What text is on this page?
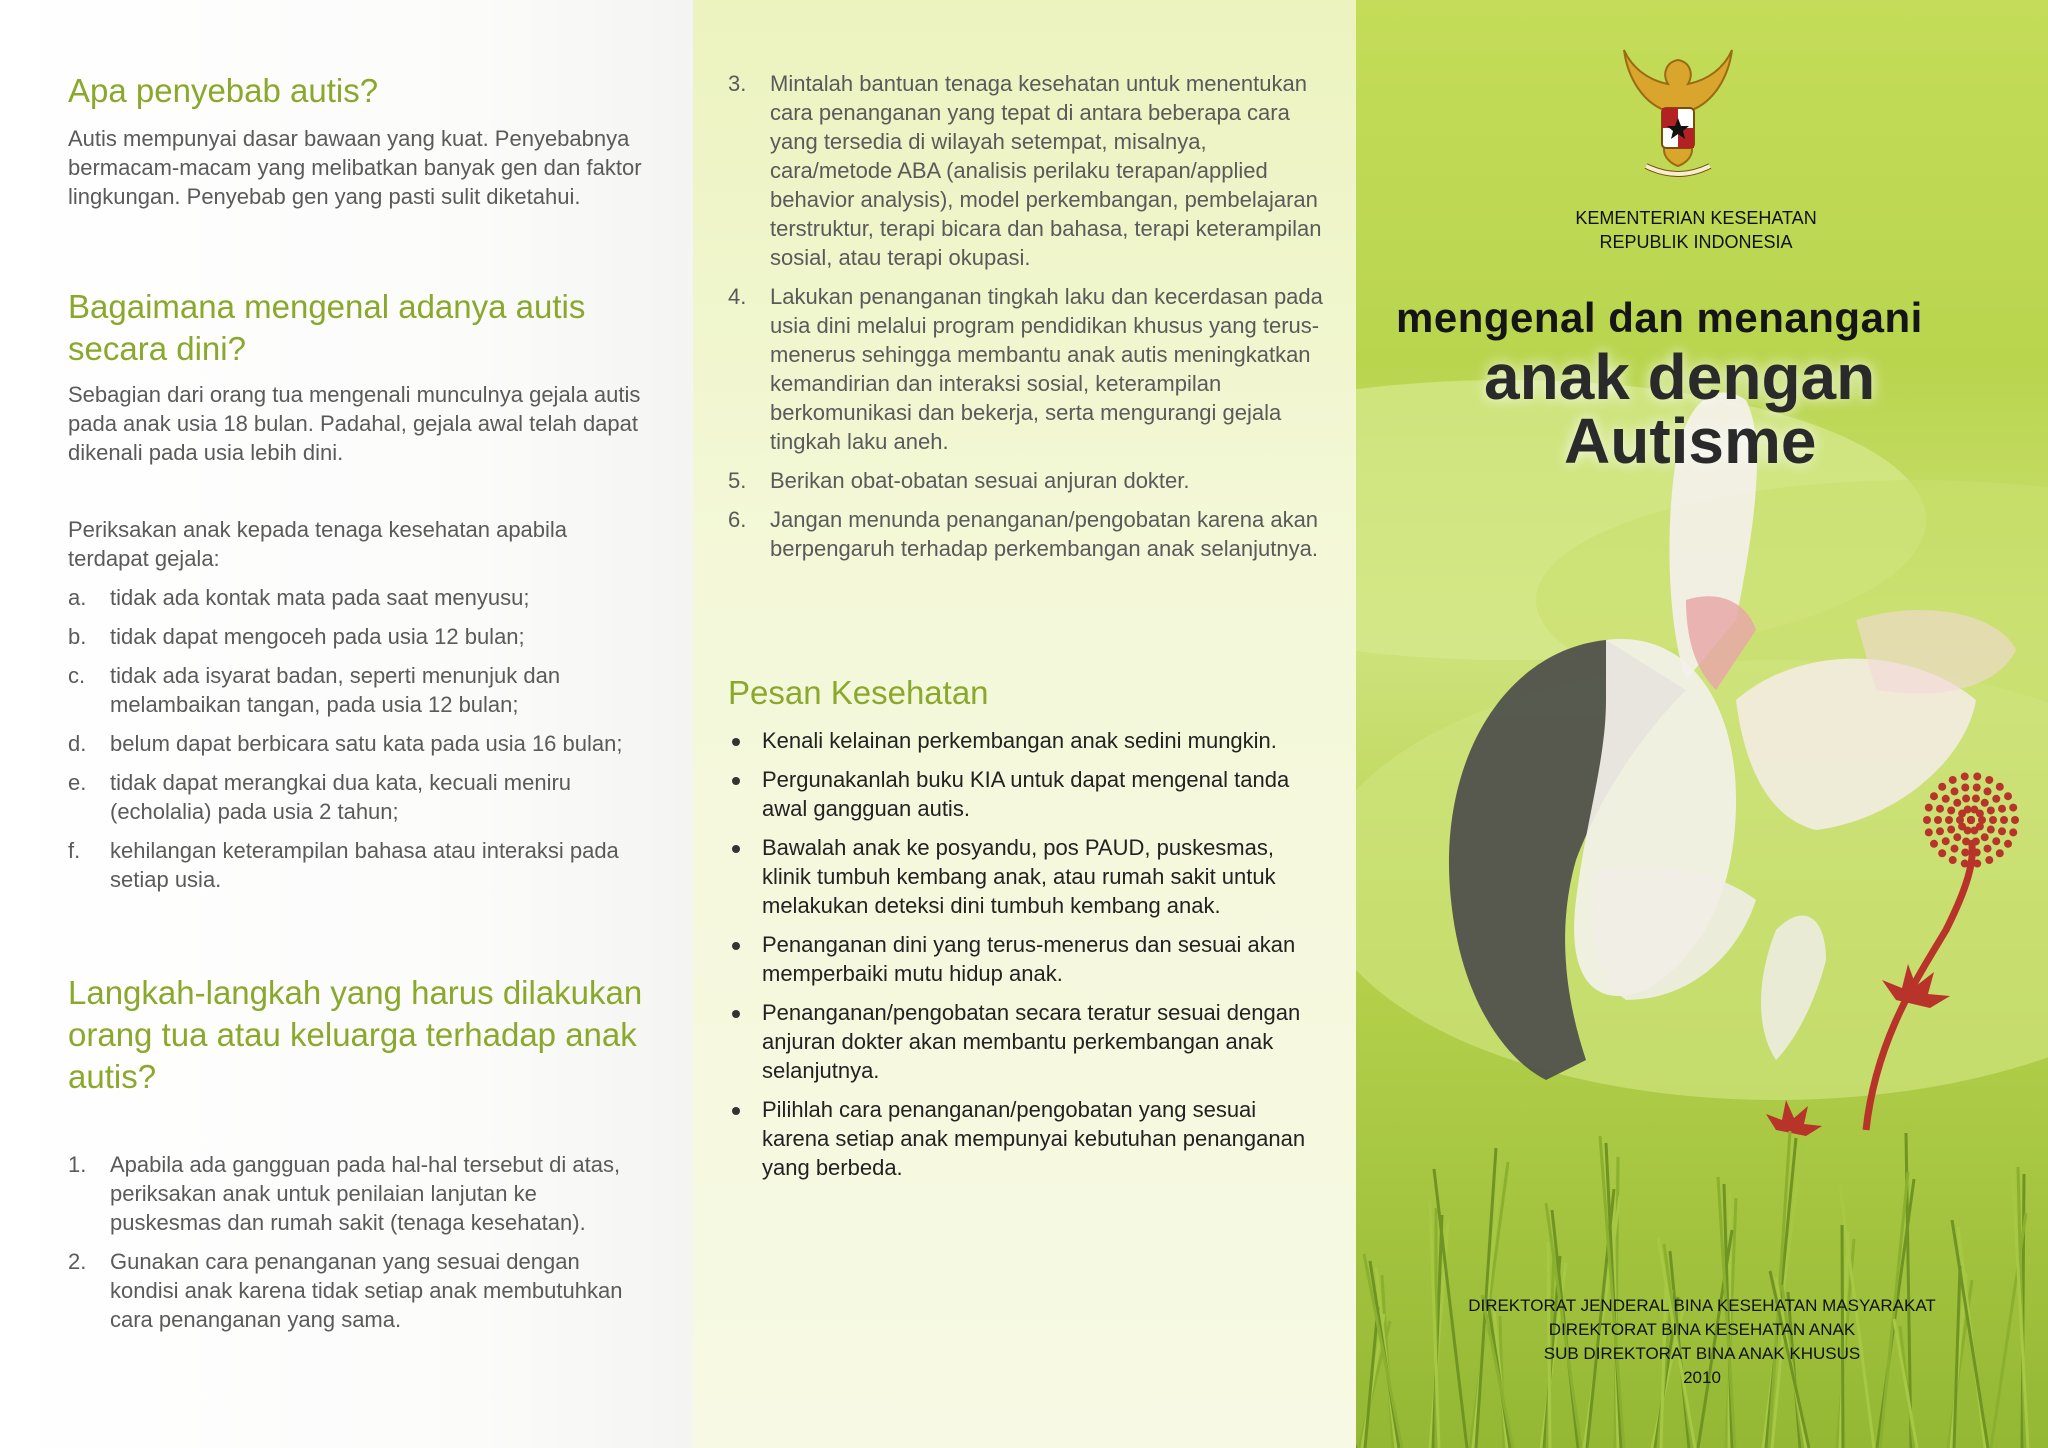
Apa penyebab autis?

Autis mempunyai dasar bawaan yang kuat. Penyebabnya bermacam-macam yang melibatkan banyak gen dan faktor lingkungan. Penyebab gen yang pasti sulit diketahui.

Bagaimana mengenal adanya autis secara dini?

Sebagian dari orang tua mengenali munculnya gejala autis pada anak usia 18 bulan. Padahal, gejala awal telah dapat dikenali pada usia lebih dini.

Periksakan anak kepada tenaga kesehatan apabila terdapat gejala:

a. tidak ada kontak mata pada saat menyusu;
b. tidak dapat mengoceh pada usia 12 bulan;
c. tidak ada isyarat badan, seperti menunjuk dan melambaikan tangan, pada usia 12 bulan;
d. belum dapat berbicara satu kata pada usia 16 bulan;
e. tidak dapat merangkai dua kata, kecuali meniru (echolalia) pada usia 2 tahun;
f. kehilangan keterampilan bahasa atau interaksi pada setiap usia.
Langkah-langkah yang harus dilakukan orang tua atau keluarga terhadap anak autis?
1. Apabila ada gangguan pada hal-hal tersebut di atas, periksakan anak untuk penilaian lanjutan ke puskesmas dan rumah sakit (tenaga kesehatan).
2. Gunakan cara penanganan yang sesuai dengan kondisi anak karena tidak setiap anak membutuhkan cara penanganan yang sama.
3. Mintalah bantuan tenaga kesehatan untuk menentukan cara penanganan yang tepat di antara beberapa cara yang tersedia di wilayah setempat, misalnya, cara/metode ABA (analisis perilaku terapan/applied behavior analysis), model perkembangan, pembelajaran terstruktur, terapi bicara dan bahasa, terapi keterampilan sosial, atau terapi okupasi.
4. Lakukan penanganan tingkah laku dan kecerdasan pada usia dini melalui program pendidikan khusus yang terus-menerus sehingga membantu anak autis meningkatkan kemandirian dan interaksi sosial, keterampilan berkomunikasi dan bekerja, serta mengurangi gejala tingkah laku aneh.
5. Berikan obat-obatan sesuai anjuran dokter.
6. Jangan menunda penanganan/pengobatan karena akan berpengaruh terhadap perkembangan anak selanjutnya.
Pesan Kesehatan
Kenali kelainan perkembangan anak sedini mungkin.
Pergunakanlah buku KIA untuk dapat mengenal tanda awal gangguan autis.
Bawalah anak ke posyandu, pos PAUD, puskesmas, klinik tumbuh kembang anak, atau rumah sakit untuk melakukan deteksi dini tumbuh kembang anak.
Penanganan dini yang terus-menerus dan sesuai akan memperbaiki mutu hidup anak.
Penanganan/pengobatan secara teratur sesuai dengan anjuran dokter akan membantu perkembangan anak selanjutnya.
Pilihlah cara penanganan/pengobatan yang sesuai karena setiap anak mempunyai kebutuhan penanganan yang berbeda.
KEMENTERIAN KESEHATAN
REPUBLIK INDONESIA
mengenal dan menangani
anak dengan
Autisme
DIREKTORAT JENDERAL BINA KESEHATAN MASYARAKAT
DIREKTORAT BINA KESEHATAN ANAK
SUB DIREKTORAT BINA ANAK KHUSUS
2010
